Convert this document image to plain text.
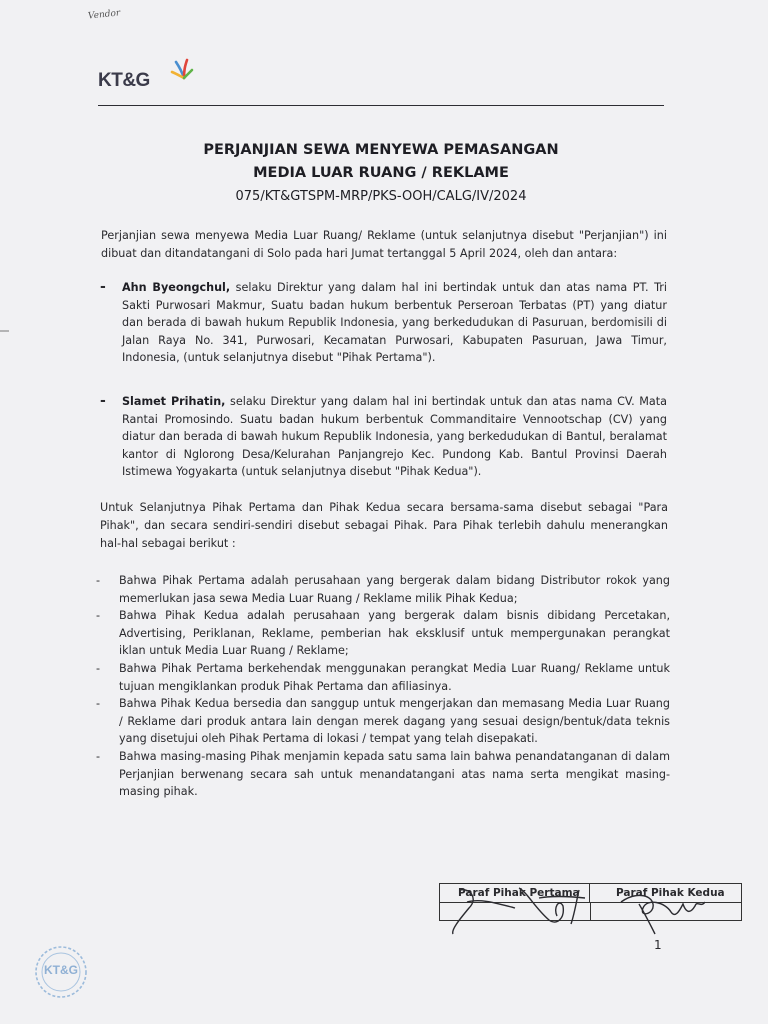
Vendor
KT&G
PERJANJIAN SEWA MENYEWA PEMASANGAN
MEDIA LUAR RUANG / REKLAME
075/KT&GTSPM-MRP/PKS-OOH/CALG/IV/2024

Perjanjian sewa menyewa Media Luar Ruang/ Reklame (untuk selanjutnya disebut "Perjanjian") ini dibuat dan ditandatangani di Solo pada hari Jumat tertanggal 5 April 2024, oleh dan antara:

- Ahn Byeongchul, selaku Direktur yang dalam hal ini bertindak untuk dan atas nama PT. Tri Sakti Purwosari Makmur, Suatu badan hukum berbentuk Perseroan Terbatas (PT) yang diatur dan berada di bawah hukum Republik Indonesia, yang berkedudukan di Pasuruan, berdomisili di Jalan Raya No. 341, Purwosari, Kecamatan Purwosari, Kabupaten Pasuruan, Jawa Timur, Indonesia, (untuk selanjutnya disebut "Pihak Pertama").

- Slamet Prihatin, selaku Direktur yang dalam hal ini bertindak untuk dan atas nama CV. Mata Rantai Promosindo. Suatu badan hukum berbentuk Commanditaire Vennootschap (CV) yang diatur dan berada di bawah hukum Republik Indonesia, yang berkedudukan di Bantul, beralamat kantor di Nglorong Desa/Kelurahan Panjangrejo Kec. Pundong Kab. Bantul Provinsi Daerah Istimewa Yogyakarta (untuk selanjutnya disebut "Pihak Kedua").

Untuk Selanjutnya Pihak Pertama dan Pihak Kedua secara bersama-sama disebut sebagai "Para Pihak", dan secara sendiri-sendiri disebut sebagai Pihak. Para Pihak terlebih dahulu menerangkan hal-hal sebagai berikut :

- Bahwa Pihak Pertama adalah perusahaan yang bergerak dalam bidang Distributor rokok yang memerlukan jasa sewa Media Luar Ruang / Reklame milik Pihak Kedua;
- Bahwa Pihak Kedua adalah perusahaan yang bergerak dalam bisnis dibidang Percetakan, Advertising, Periklanan, Reklame, pemberian hak eksklusif untuk mempergunakan perangkat iklan untuk Media Luar Ruang / Reklame;
- Bahwa Pihak Pertama berkehendak menggunakan perangkat Media Luar Ruang/ Reklame untuk tujuan mengiklankan produk Pihak Pertama dan afiliasinya.
- Bahwa Pihak Kedua bersedia dan sanggup untuk mengerjakan dan memasang Media Luar Ruang / Reklame dari produk antara lain dengan merek dagang yang sesuai design/bentuk/data teknis yang disetujui oleh Pihak Pertama di lokasi / tempat yang telah disepakati.
- Bahwa masing-masing Pihak menjamin kepada satu sama lain bahwa penandatanganan di dalam Perjanjian berwenang secara sah untuk menandatangani atas nama serta mengikat masing-masing pihak.
Paraf Pihak Pertama	Paraf Pihak Kedua
1
KT&G
